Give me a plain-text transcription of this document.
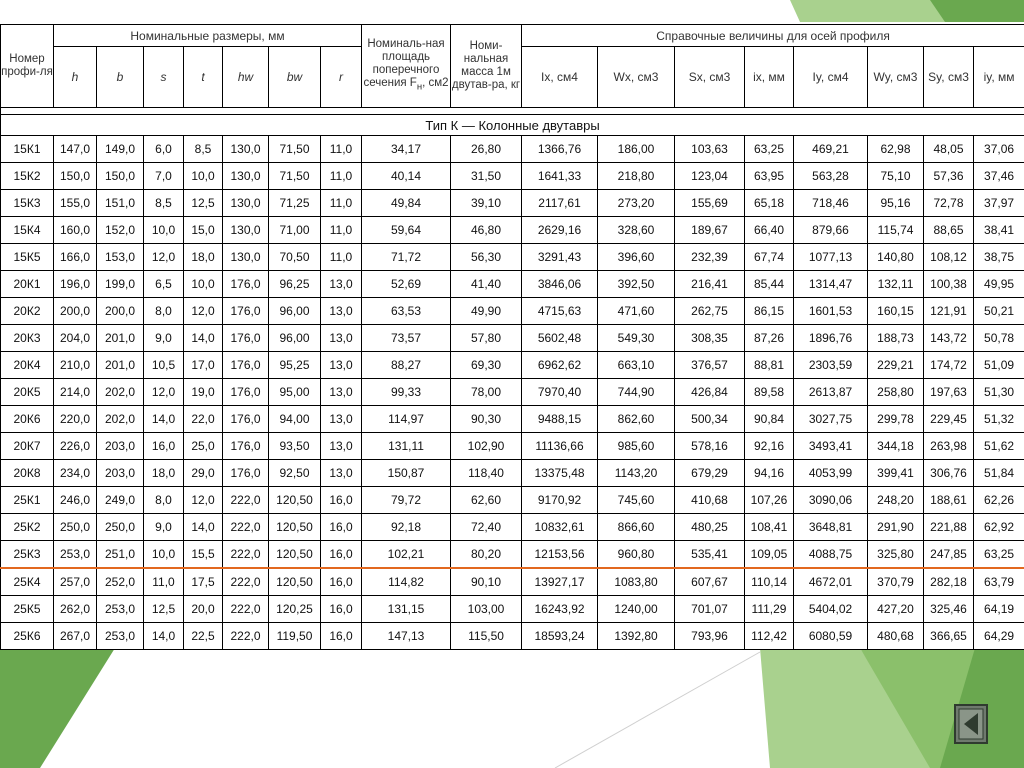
Номер профи-ля	Номинальные размеры, мм							Номиналь-ная площадь поперечного сечения $F_н$, см2	Номи-нальная масса 1м двутав-ра, кг	Справочные величины для осей профиля							
	h	b	s	t	hw	bw	r			Ix, см4	Wx, см3	Sx, см3	ix, мм	Iy, см4	Wy, см3	Sy, см3	iy, мм

Тип К — Колонные двутавры																	
15К1	147,0	149,0	6,0	8,5	130,0	71,50	11,0	34,17	26,80	1366,76	186,00	103,63	63,25	469,21	62,98	48,05	37,06
15К2	150,0	150,0	7,0	10,0	130,0	71,50	11,0	40,14	31,50	1641,33	218,80	123,04	63,95	563,28	75,10	57,36	37,46
15К3	155,0	151,0	8,5	12,5	130,0	71,25	11,0	49,84	39,10	2117,61	273,20	155,69	65,18	718,46	95,16	72,78	37,97
15К4	160,0	152,0	10,0	15,0	130,0	71,00	11,0	59,64	46,80	2629,16	328,60	189,67	66,40	879,66	115,74	88,65	38,41
15К5	166,0	153,0	12,0	18,0	130,0	70,50	11,0	71,72	56,30	3291,43	396,60	232,39	67,74	1077,13	140,80	108,12	38,75
20К1	196,0	199,0	6,5	10,0	176,0	96,25	13,0	52,69	41,40	3846,06	392,50	216,41	85,44	1314,47	132,11	100,38	49,95
20К2	200,0	200,0	8,0	12,0	176,0	96,00	13,0	63,53	49,90	4715,63	471,60	262,75	86,15	1601,53	160,15	121,91	50,21
20К3	204,0	201,0	9,0	14,0	176,0	96,00	13,0	73,57	57,80	5602,48	549,30	308,35	87,26	1896,76	188,73	143,72	50,78
20К4	210,0	201,0	10,5	17,0	176,0	95,25	13,0	88,27	69,30	6962,62	663,10	376,57	88,81	2303,59	229,21	174,72	51,09
20К5	214,0	202,0	12,0	19,0	176,0	95,00	13,0	99,33	78,00	7970,40	744,90	426,84	89,58	2613,87	258,80	197,63	51,30
20К6	220,0	202,0	14,0	22,0	176,0	94,00	13,0	114,97	90,30	9488,15	862,60	500,34	90,84	3027,75	299,78	229,45	51,32
20К7	226,0	203,0	16,0	25,0	176,0	93,50	13,0	131,11	102,90	11136,66	985,60	578,16	92,16	3493,41	344,18	263,98	51,62
20К8	234,0	203,0	18,0	29,0	176,0	92,50	13,0	150,87	118,40	13375,48	1143,20	679,29	94,16	4053,99	399,41	306,76	51,84
25К1	246,0	249,0	8,0	12,0	222,0	120,50	16,0	79,72	62,60	9170,92	745,60	410,68	107,26	3090,06	248,20	188,61	62,26
25К2	250,0	250,0	9,0	14,0	222,0	120,50	16,0	92,18	72,40	10832,61	866,60	480,25	108,41	3648,81	291,90	221,88	62,92
25К3	253,0	251,0	10,0	15,5	222,0	120,50	16,0	102,21	80,20	12153,56	960,80	535,41	109,05	4088,75	325,80	247,85	63,25
25К4	257,0	252,0	11,0	17,5	222,0	120,50	16,0	114,82	90,10	13927,17	1083,80	607,67	110,14	4672,01	370,79	282,18	63,79
25К5	262,0	253,0	12,5	20,0	222,0	120,25	16,0	131,15	103,00	16243,92	1240,00	701,07	111,29	5404,02	427,20	325,46	64,19
25К6	267,0	253,0	14,0	22,5	222,0	119,50	16,0	147,13	115,50	18593,24	1392,80	793,96	112,42	6080,59	480,68	366,65	64,29
